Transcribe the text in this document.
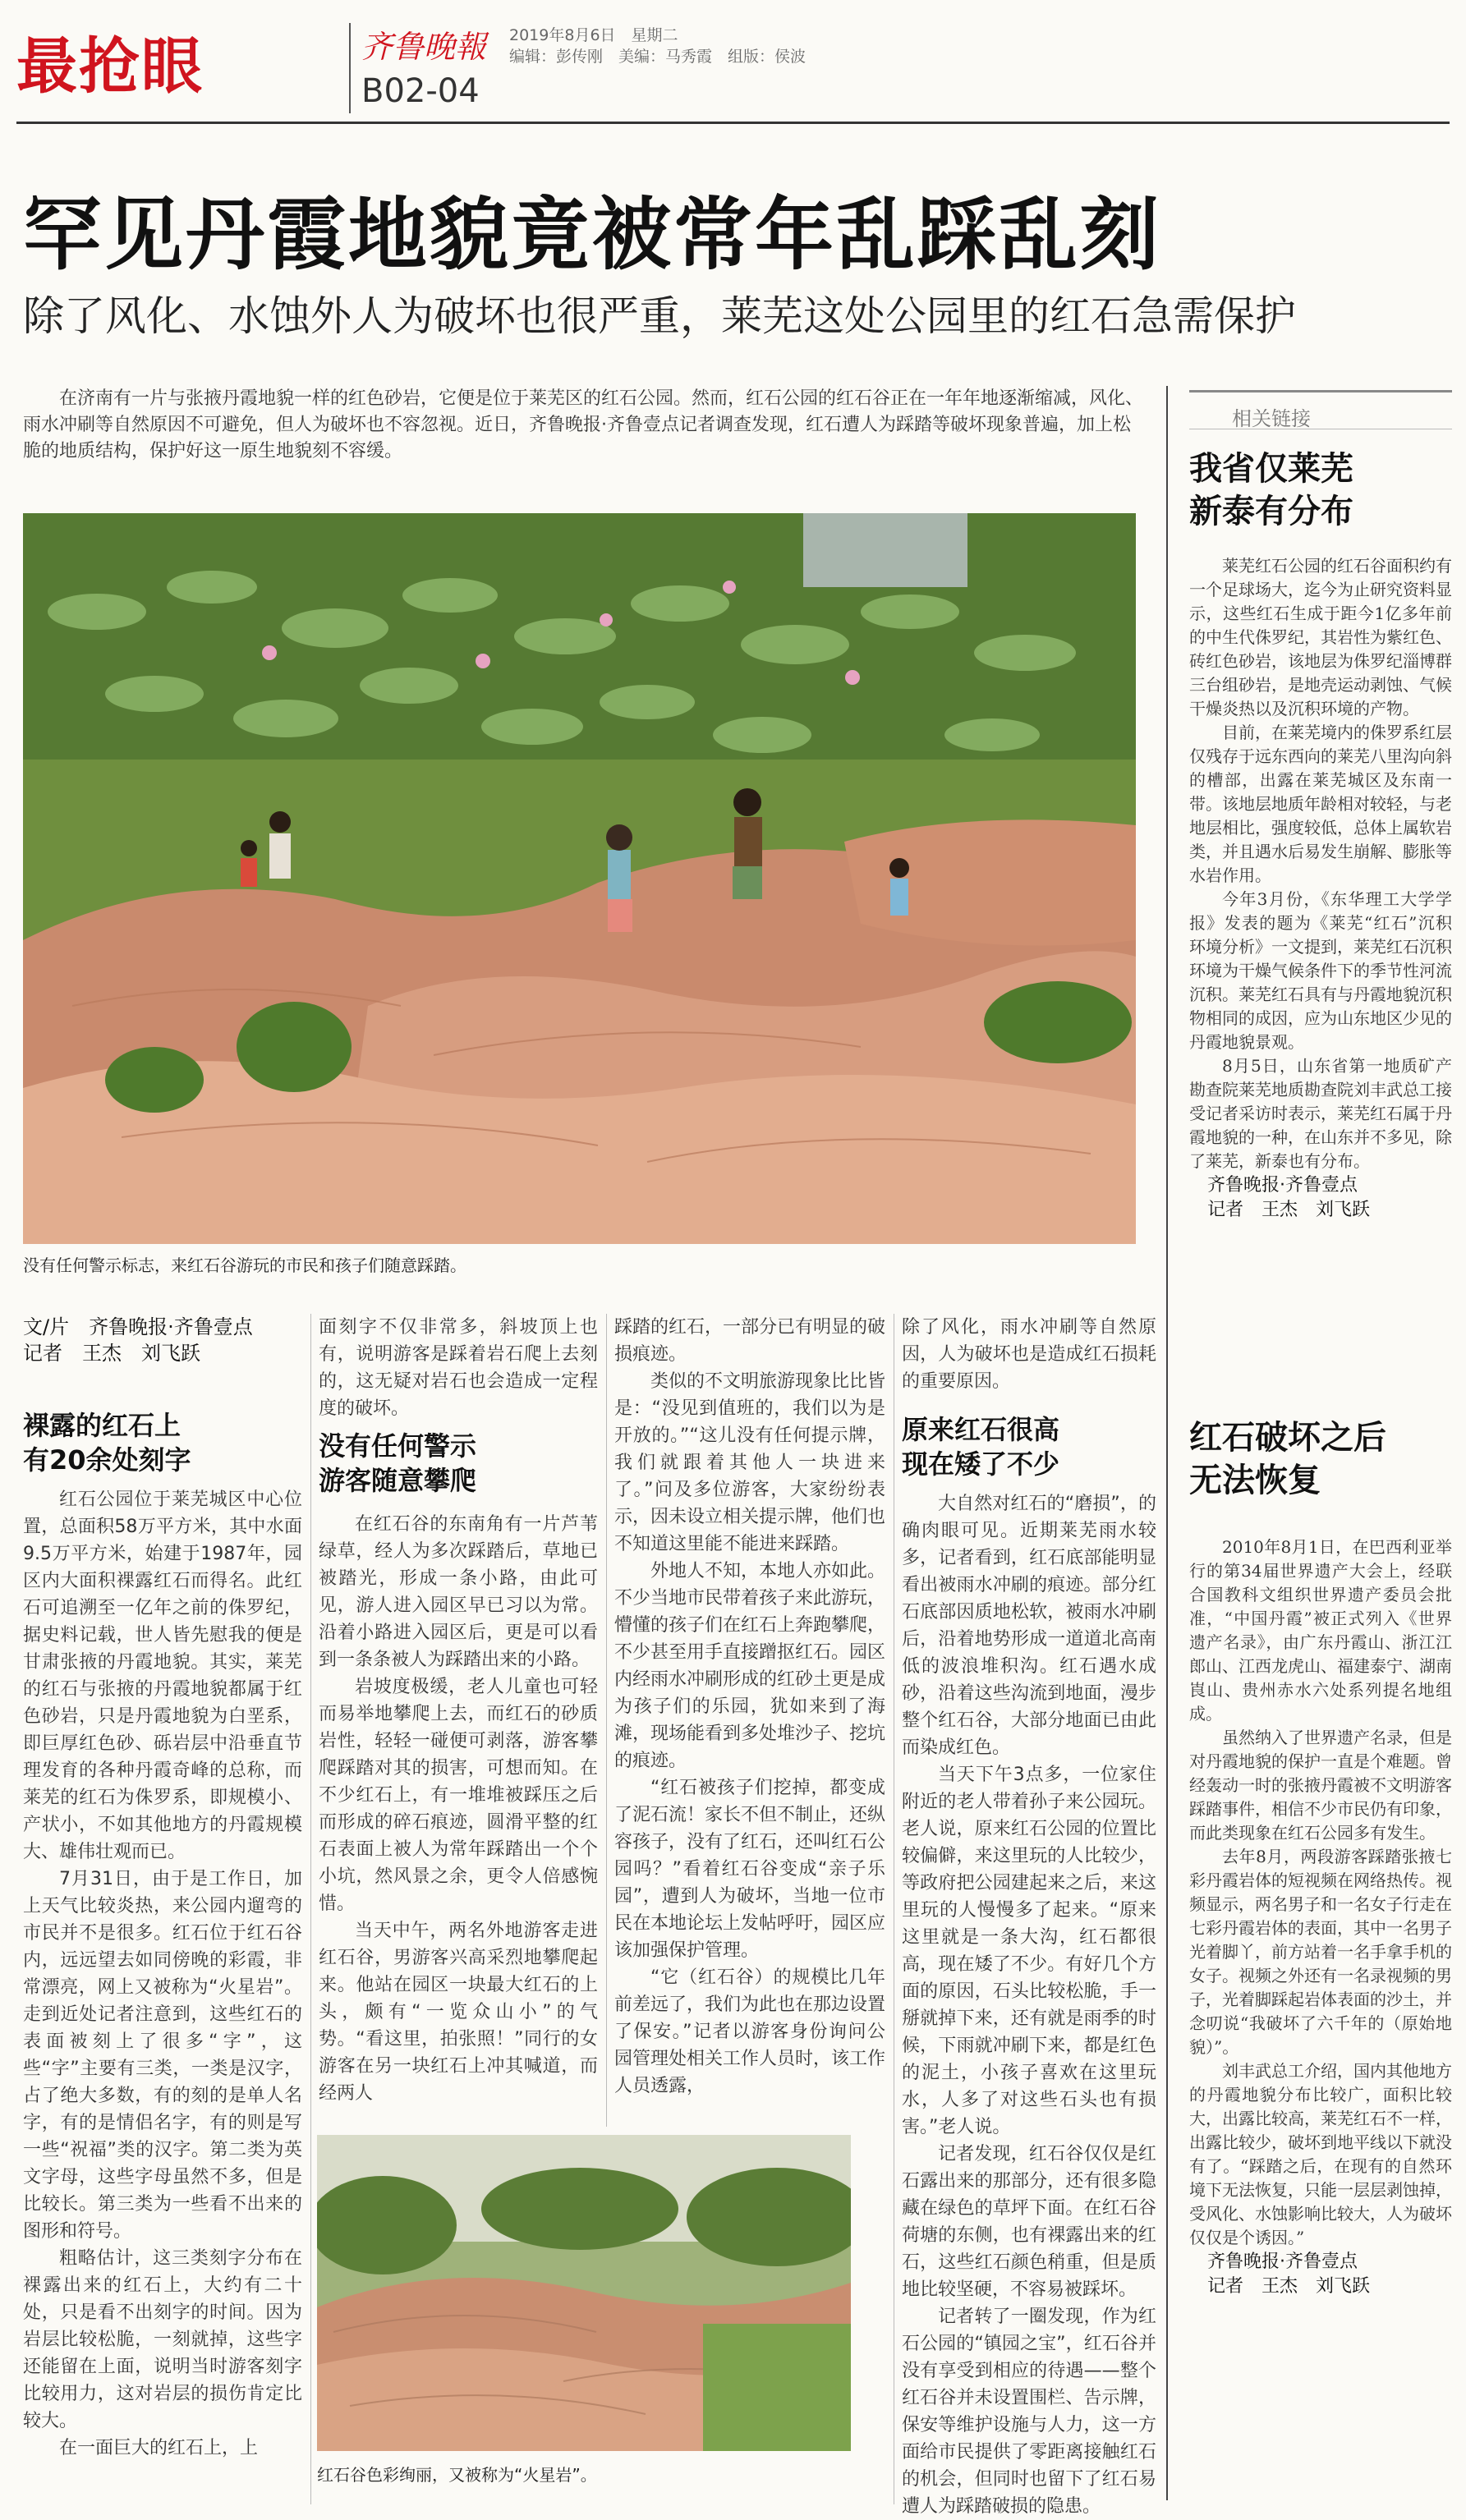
最抢眼	齐鲁晚報
B02-04
2019年8月6日　星期二
编辑：彭传刚　美编：马秀霞　组版：侯波
罕见丹霞地貌竟被常年乱踩乱刻
除了风化、水蚀外人为破坏也很严重，莱芜这处公园里的红石急需保护
在济南有一片与张掖丹霞地貌一样的红色砂岩，它便是位于莱芜区的红石公园。然而，红石公园的红石谷正在一年年地逐渐缩减，风化、雨水冲刷等自然原因不可避免，但人为破坏也不容忽视。近日，齐鲁晚报·齐鲁壹点记者调查发现，红石遭人为踩踏等破坏现象普遍，加上松脆的地质结构，保护好这一原生地貌刻不容缓。
没有任何警示标志，来红石谷游玩的市民和孩子们随意踩踏。
文/片　齐鲁晚报·齐鲁壹点
记者　王杰　刘飞跃
裸露的红石上
有20余处刻字

红石公园位于莱芜城区中心位置，总面积58万平方米，其中水面9.5万平方米，始建于1987年，园区内大面积裸露红石而得名。此红石可追溯至一亿年之前的侏罗纪，据史料记载，世人皆先慰我的便是甘肃张掖的丹霞地貌。其实，莱芜的红石与张掖的丹霞地貌都属于红色砂岩，只是丹霞地貌为白垩系，即巨厚红色砂、砾岩层中沿垂直节理发育的各种丹霞奇峰的总称，而莱芜的红石为侏罗系，即规模小、产状小，不如其他地方的丹霞规模大、雄伟壮观而已。

7月31日，由于是工作日，加上天气比较炎热，来公园内遛弯的市民并不是很多。红石位于红石谷内，远远望去如同傍晚的彩霞，非常漂亮，网上又被称为“火星岩”。走到近处记者注意到，这些红石的表面被刻上了很多“字”，这些“字”主要有三类，一类是汉字，占了绝大多数，有的刻的是单人名字，有的是情侣名字，有的则是写一些“祝福”类的汉字。第二类为英文字母，这些字母虽然不多，但是比较长。第三类为一些看不出来的图形和符号。

粗略估计，这三类刻字分布在裸露出来的红石上，大约有二十处，只是看不出刻字的时间。因为岩层比较松脆，一刻就掉，这些字还能留在上面，说明当时游客刻字比较用力，这对岩层的损伤肯定比较大。

在一面巨大的红石上，上

面刻字不仅非常多，斜坡顶上也有，说明游客是踩着岩石爬上去刻的，这无疑对岩石也会造成一定程度的破坏。

没有任何警示
游客随意攀爬

在红石谷的东南角有一片芦苇绿草，经人为多次踩踏后，草地已被踏光，形成一条小路，由此可见，游人进入园区早已习以为常。沿着小路进入园区后，更是可以看到一条条被人为踩踏出来的小路。

岩坡度极缓，老人儿童也可轻而易举地攀爬上去，而红石的砂质岩性，轻轻一碰便可剥落，游客攀爬踩踏对其的损害，可想而知。在不少红石上，有一堆堆被踩压之后而形成的碎石痕迹，圆滑平整的红石表面上被人为常年踩踏出一个个小坑，然风景之余，更令人倍感惋惜。

当天中午，两名外地游客走进红石谷，男游客兴高采烈地攀爬起来。他站在园区一块最大红石的上头，颇有“一览众山小”的气势。“看这里，拍张照！”同行的女游客在另一块红石上冲其喊道，而经两人

踩踏的红石，一部分已有明显的破损痕迹。

类似的不文明旅游现象比比皆是：“没见到值班的，我们以为是开放的。”“这儿没有任何提示牌，我们就跟着其他人一块进来了。”问及多位游客，大家纷纷表示，因未设立相关提示牌，他们也不知道这里能不能进来踩踏。

外地人不知，本地人亦如此。不少当地市民带着孩子来此游玩，懵懂的孩子们在红石上奔跑攀爬，不少甚至用手直接蹭抠红石。园区内经雨水冲刷形成的红砂土更是成为孩子们的乐园，犹如来到了海滩，现场能看到多处堆沙子、挖坑的痕迹。

“红石被孩子们挖掉，都变成了泥石流！家长不但不制止，还纵容孩子，没有了红石，还叫红石公园吗？”看着红石谷变成“亲子乐园”，遭到人为破坏，当地一位市民在本地论坛上发帖呼吁，园区应该加强保护管理。

“它（红石谷）的规模比几年前差远了，我们为此也在那边设置了保安。”记者以游客身份询问公园管理处相关工作人员时，该工作人员透露，

除了风化，雨水冲刷等自然原因，人为破坏也是造成红石损耗的重要原因。

原来红石很高
现在矮了不少

大自然对红石的“磨损”，的确肉眼可见。近期莱芜雨水较多，记者看到，红石底部能明显看出被雨水冲刷的痕迹。部分红石底部因质地松软，被雨水冲刷后，沿着地势形成一道道北高南低的波浪堆积沟。红石遇水成砂，沿着这些沟流到地面，漫步整个红石谷，大部分地面已由此而染成红色。

当天下午3点多，一位家住附近的老人带着孙子来公园玩。老人说，原来红石公园的位置比较偏僻，来这里玩的人比较少，等政府把公园建起来之后，来这里玩的人慢慢多了起来。“原来这里就是一条大沟，红石都很高，现在矮了不少。有好几个方面的原因，石头比较松脆，手一掰就掉下来，还有就是雨季的时候，下雨就冲刷下来，都是红色的泥土，小孩子喜欢在这里玩水，人多了对这些石头也有损害。”老人说。

记者发现，红石谷仅仅是红石露出来的那部分，还有很多隐藏在绿色的草坪下面。在红石谷荷塘的东侧，也有裸露出来的红石，这些红石颜色稍重，但是质地比较坚硬，不容易被踩坏。

记者转了一圈发现，作为红石公园的“镇园之宝”，红石谷并没有享受到相应的待遇——整个红石谷并未设置围栏、告示牌，保安等维护设施与人力，这一方面给市民提供了零距离接触红石的机会，但同时也留下了红石易遭人为踩踏破损的隐患。

红石谷色彩绚丽，又被称为“火星岩”。
相关链接
我省仅莱芜
新泰有分布

莱芜红石公园的红石谷面积约有一个足球场大，迄今为止研究资料显示，这些红石生成于距今1亿多年前的中生代侏罗纪，其岩性为紫红色、砖红色砂岩，该地层为侏罗纪淄博群三台组砂岩，是地壳运动剥蚀、气候干燥炎热以及沉积环境的产物。

目前，在莱芜境内的侏罗系红层仅残存于远东西向的莱芜八里沟向斜的槽部，出露在莱芜城区及东南一带。该地层地质年龄相对较轻，与老地层相比，强度较低，总体上属软岩类，并且遇水后易发生崩解、膨胀等水岩作用。

今年3月份，《东华理工大学学报》发表的题为《莱芜“红石”沉积环境分析》一文提到，莱芜红石沉积环境为干燥气候条件下的季节性河流沉积。莱芜红石具有与丹霞地貌沉积物相同的成因，应为山东地区少见的丹霞地貌景观。

8月5日，山东省第一地质矿产勘查院莱芜地质勘查院刘丰武总工接受记者采访时表示，莱芜红石属于丹霞地貌的一种，在山东并不多见，除了莱芜，新泰也有分布。

齐鲁晚报·齐鲁壹点
记者　王杰　刘飞跃
红石破坏之后
无法恢复

2010年8月1日，在巴西利亚举行的第34届世界遗产大会上，经联合国教科文组织世界遗产委员会批准，“中国丹霞”被正式列入《世界遗产名录》，由广东丹霞山、浙江江郎山、江西龙虎山、福建泰宁、湖南崀山、贵州赤水六处系列提名地组成。

虽然纳入了世界遗产名录，但是对丹霞地貌的保护一直是个难题。曾经轰动一时的张掖丹霞被不文明游客踩踏事件，相信不少市民仍有印象，而此类现象在红石公园多有发生。

去年8月，两段游客踩踏张掖七彩丹霞岩体的短视频在网络热传。视频显示，两名男子和一名女子行走在七彩丹霞岩体的表面，其中一名男子光着脚丫，前方站着一名手拿手机的女子。视频之外还有一名录视频的男子，光着脚踩起岩体表面的沙土，并念叨说“我破坏了六千年的（原始地貌）”。

刘丰武总工介绍，国内其他地方的丹霞地貌分布比较广，面积比较大，出露比较高，莱芜红石不一样，出露比较少，破坏到地平线以下就没有了。“踩踏之后，在现有的自然环境下无法恢复，只能一层层剥蚀掉，受风化、水蚀影响比较大，人为破坏仅仅是个诱因。”

齐鲁晚报·齐鲁壹点
记者　王杰　刘飞跃
